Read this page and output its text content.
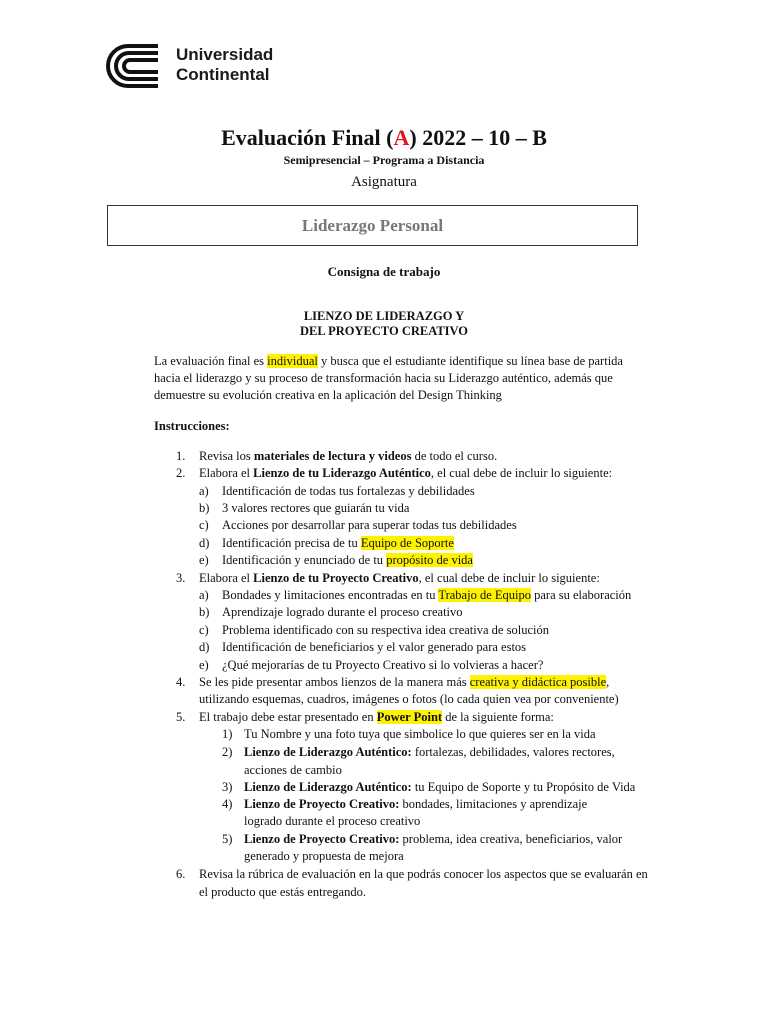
Universidad
Continental
Evaluación Final (A) 2022 – 10 – B
Semipresencial – Programa a Distancia
Asignatura
Liderazgo Personal
Consigna de trabajo
LIENZO DE LIDERAZGO Y
DEL PROYECTO CREATIVO
La evaluación final es individual y busca que el estudiante identifique su línea base de partida hacia el liderazgo y su proceso de transformación hacia su Liderazgo auténtico, además que demuestre su evolución creativa en la aplicación del Design Thinking
Instrucciones:
1. Revisa los materiales de lectura y videos de todo el curso.
2. Elabora el Lienzo de tu Liderazgo Auténtico, el cual debe de incluir lo siguiente:
a) Identificación de todas tus fortalezas y debilidades
b) 3 valores rectores que guiarán tu vida
c) Acciones por desarrollar para superar todas tus debilidades
d) Identificación precisa de tu Equipo de Soporte
e) Identificación y enunciado de tu propósito de vida
3. Elabora el Lienzo de tu Proyecto Creativo, el cual debe de incluir lo siguiente:
a) Bondades y limitaciones encontradas en tu Trabajo de Equipo para su elaboración
b) Aprendizaje logrado durante el proceso creativo
c) Problema identificado con su respectiva idea creativa de solución
d) Identificación de beneficiarios y el valor generado para estos
e) ¿Qué mejorarías de tu Proyecto Creativo si lo volvieras a hacer?
4. Se les pide presentar ambos lienzos de la manera más creativa y didáctica posible,
utilizando esquemas, cuadros, imágenes o fotos (lo cada quien vea por conveniente)
5. El trabajo debe estar presentado en Power Point de la siguiente forma:
1) Tu Nombre y una foto tuya que simbolice lo que quieres ser en la vida
2) Lienzo de Liderazgo Auténtico: fortalezas, debilidades, valores rectores,
acciones de cambio
3) Lienzo de Liderazgo Auténtico: tu Equipo de Soporte y tu Propósito de Vida
4) Lienzo de Proyecto Creativo: bondades, limitaciones y aprendizaje
logrado durante el proceso creativo
5) Lienzo de Proyecto Creativo: problema, idea creativa, beneficiarios, valor
generado y propuesta de mejora
6. Revisa la rúbrica de evaluación en la que podrás conocer los aspectos que se evaluarán en
el producto que estás entregando.
